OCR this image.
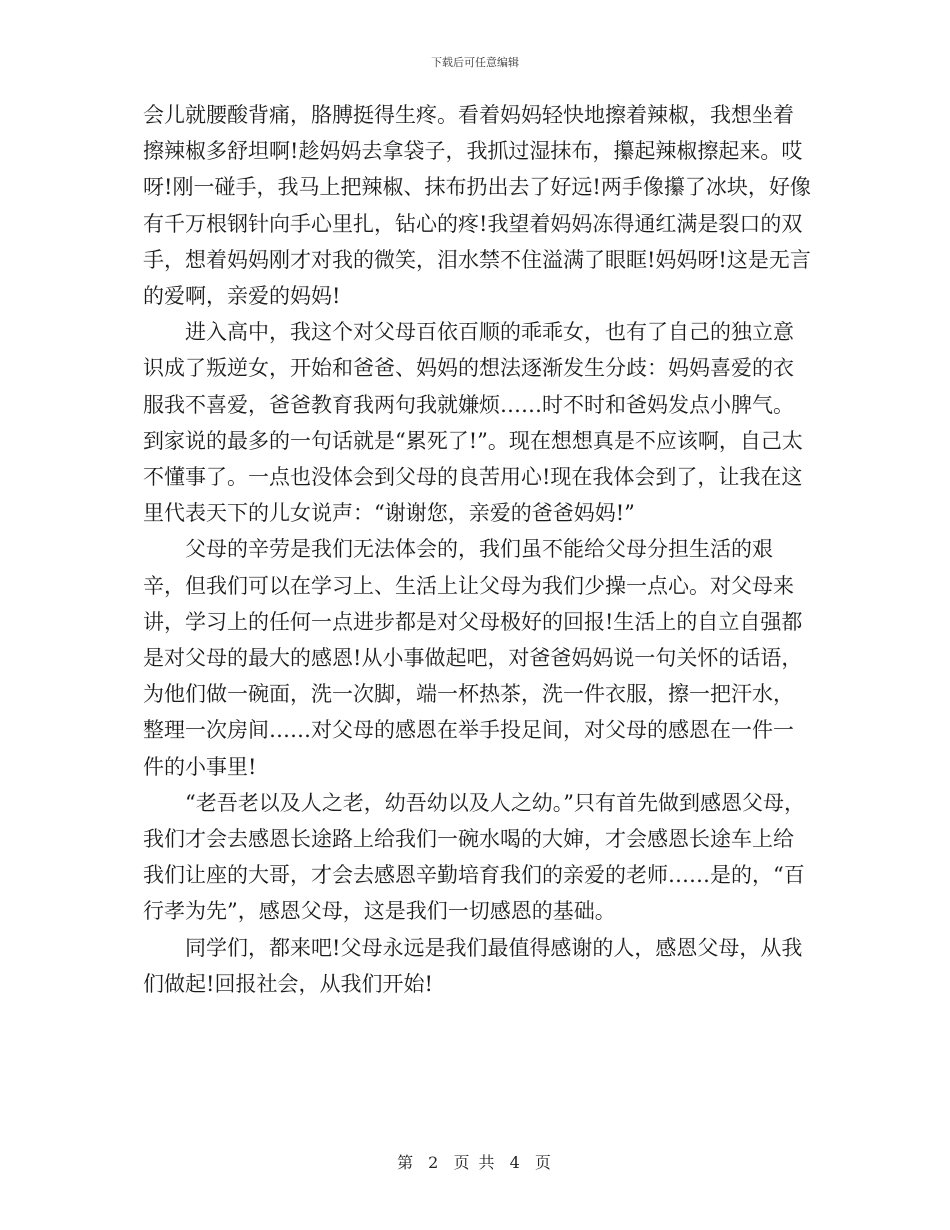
下载后可任意编辑

会儿就腰酸背痛，胳膊挺得生疼。看着妈妈轻快地擦着辣椒，我想坐着擦辣椒多舒坦啊!趁妈妈去拿袋子，我抓过湿抹布，攥起辣椒擦起来。哎呀!刚一碰手，我马上把辣椒、抹布扔出去了好远!两手像攥了冰块，好像有千万根钢针向手心里扎，钻心的疼!我望着妈妈冻得通红满是裂口的双手，想着妈妈刚才对我的微笑，泪水禁不住溢满了眼眶!妈妈呀!这是无言的爱啊，亲爱的妈妈!

进入高中，我这个对父母百依百顺的乖乖女，也有了自己的独立意识成了叛逆女，开始和爸爸、妈妈的想法逐渐发生分歧：妈妈喜爱的衣服我不喜爱，爸爸教育我两句我就嫌烦……时不时和爸妈发点小脾气。到家说的最多的一句话就是“累死了!”。现在想想真是不应该啊，自己太不懂事了。一点也没体会到父母的良苦用心!现在我体会到了，让我在这里代表天下的儿女说声：“谢谢您，亲爱的爸爸妈妈!”

父母的辛劳是我们无法体会的，我们虽不能给父母分担生活的艰辛，但我们可以在学习上、生活上让父母为我们少操一点心。对父母来讲，学习上的任何一点进步都是对父母极好的回报!生活上的自立自强都是对父母的最大的感恩!从小事做起吧，对爸爸妈妈说一句关怀的话语，为他们做一碗面，洗一次脚，端一杯热茶，洗一件衣服，擦一把汗水，整理一次房间……对父母的感恩在举手投足间，对父母的感恩在一件一件的小事里!

“老吾老以及人之老，幼吾幼以及人之幼。”只有首先做到感恩父母，我们才会去感恩长途路上给我们一碗水喝的大婶，才会感恩长途车上给我们让座的大哥，才会去感恩辛勤培育我们的亲爱的老师……是的，“百行孝为先”，感恩父母，这是我们一切感恩的基础。

同学们，都来吧!父母永远是我们最值得感谢的人，感恩父母，从我们做起!回报社会，从我们开始!

第 2 页 共 4 页
